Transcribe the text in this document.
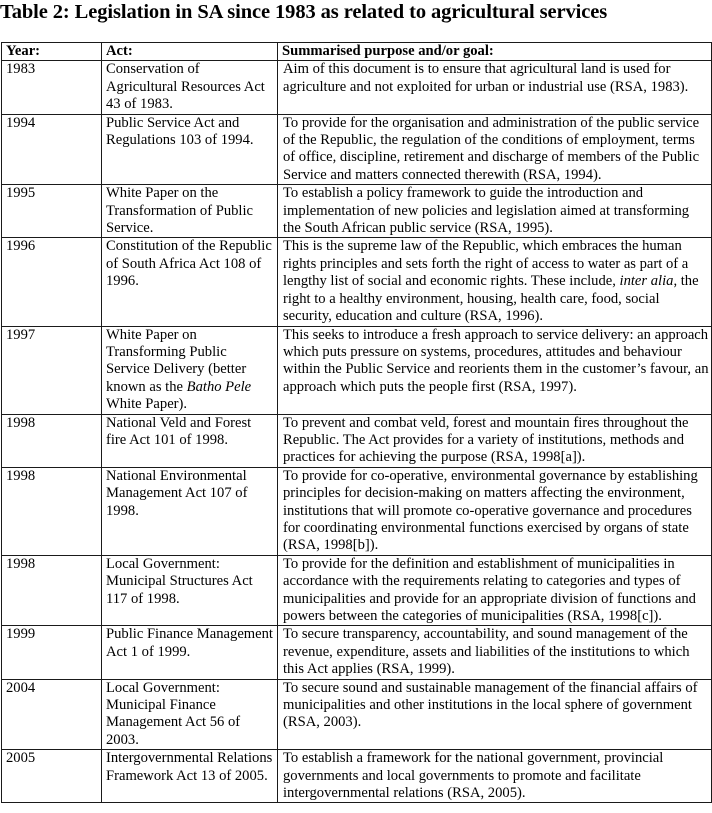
Table 2: Legislation in SA since 1983 as related to agricultural services
Year:	Act:	Summarised purpose and/or goal:
1983	Conservation of Agricultural Resources Act 43 of 1983.	Aim of this document is to ensure that agricultural land is used for agriculture and not exploited for urban or industrial use (RSA, 1983).
1994	Public Service Act and Regulations 103 of 1994.	To provide for the organisation and administration of the public service of the Republic, the regulation of the conditions of employment, terms of office, discipline, retirement and discharge of members of the Public Service and matters connected therewith (RSA, 1994).
1995	White Paper on the Transformation of Public Service.	To establish a policy framework to guide the introduction and implementation of new policies and legislation aimed at transforming the South African public service (RSA, 1995).
1996	Constitution of the Republic of South Africa Act 108 of 1996.	This is the supreme law of the Republic, which embraces the human rights principles and sets forth the right of access to water as part of a lengthy list of social and economic rights. These include, inter alia, the right to a healthy environment, housing, health care, food, social security, education and culture (RSA, 1996).
1997	White Paper on Transforming Public Service Delivery (better known as the Batho Pele White Paper).	This seeks to introduce a fresh approach to service delivery: an approach which puts pressure on systems, procedures, attitudes and behaviour within the Public Service and reorients them in the customer’s favour, an approach which puts the people first (RSA, 1997).
1998	National Veld and Forest fire Act 101 of 1998.	To prevent and combat veld, forest and mountain fires throughout the Republic. The Act provides for a variety of institutions, methods and practices for achieving the purpose (RSA, 1998[a]).
1998	National Environmental Management Act 107 of 1998.	To provide for co-operative, environmental governance by establishing principles for decision-making on matters affecting the environment, institutions that will promote co-operative governance and procedures for coordinating environmental functions exercised by organs of state (RSA, 1998[b]).
1998	Local Government: Municipal Structures Act 117 of 1998.	To provide for the definition and establishment of municipalities in accordance with the requirements relating to categories and types of municipalities and provide for an appropriate division of functions and powers between the categories of municipalities (RSA, 1998[c]).
1999	Public Finance Management Act 1 of 1999.	To secure transparency, accountability, and sound management of the revenue, expenditure, assets and liabilities of the institutions to which this Act applies (RSA, 1999).
2004	Local Government: Municipal Finance Management Act 56 of 2003.	To secure sound and sustainable management of the financial affairs of municipalities and other institutions in the local sphere of government (RSA, 2003).
2005	Intergovernmental Relations Framework Act 13 of 2005.	To establish a framework for the national government, provincial governments and local governments to promote and facilitate intergovernmental relations (RSA, 2005).
